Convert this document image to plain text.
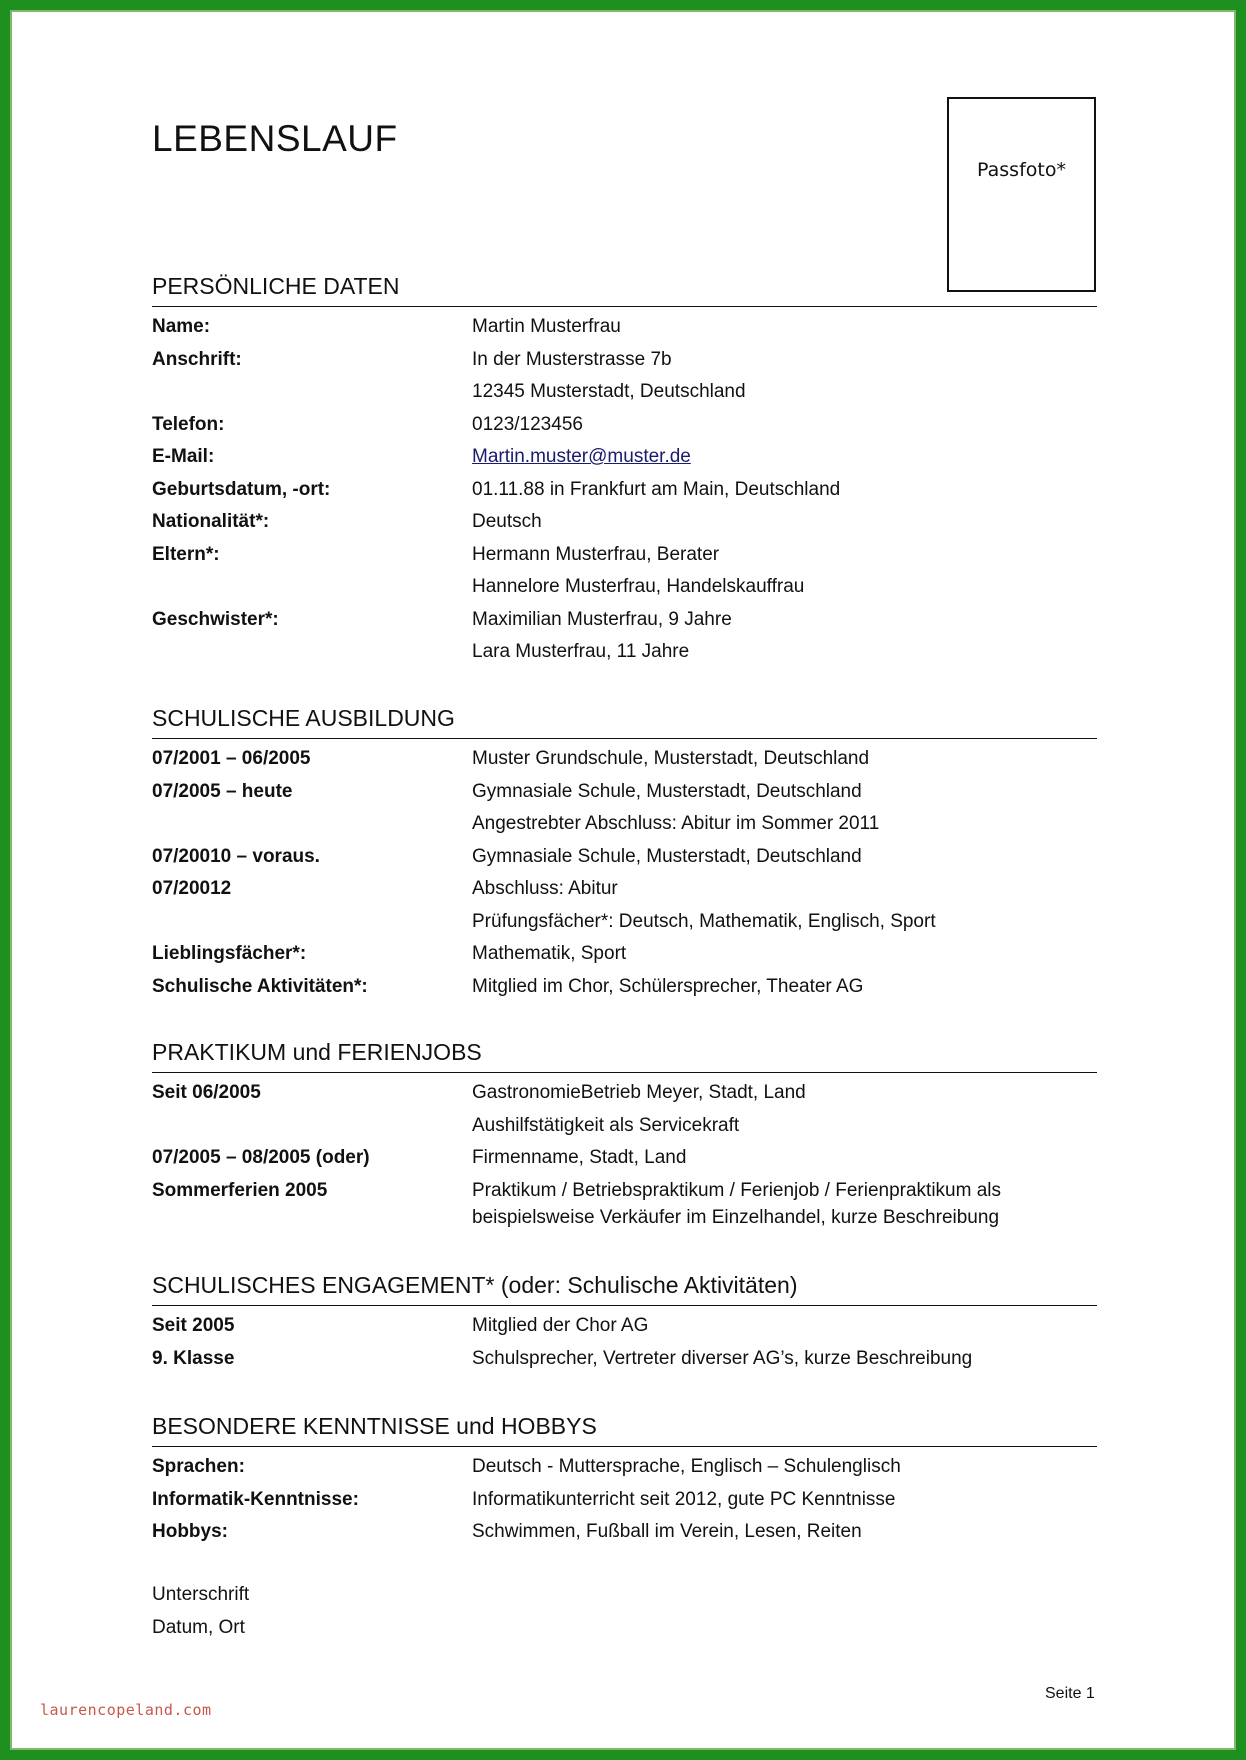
LEBENSLAUF
Passfoto*
PERSÖNLICHE DATEN
Name:	Martin Musterfrau
Anschrift:	In der Musterstrasse 7b
12345 Musterstadt, Deutschland
Telefon:	0123/123456
E-Mail:	Martin.muster@muster.de
Geburtsdatum, -ort:	01.11.88 in Frankfurt am Main, Deutschland
Nationalität*:	Deutsch
Eltern*:	Hermann Musterfrau, Berater
Hannelore Musterfrau, Handelskauffrau
Geschwister*:	Maximilian Musterfrau, 9 Jahre
Lara Musterfrau, 11 Jahre
SCHULISCHE AUSBILDUNG
07/2001 – 06/2005	Muster Grundschule, Musterstadt, Deutschland
07/2005 – heute	Gymnasiale Schule, Musterstadt, Deutschland
Angestrebter Abschluss: Abitur im Sommer 2011
07/20010 – voraus.	Gymnasiale Schule, Musterstadt, Deutschland
07/20012	Abschluss: Abitur
Prüfungsfächer*: Deutsch, Mathematik, Englisch, Sport
Lieblingsfächer*:	Mathematik, Sport
Schulische Aktivitäten*:	Mitglied im Chor, Schülersprecher, Theater AG
PRAKTIKUM und FERIENJOBS
Seit 06/2005	GastronomieBetrieb Meyer, Stadt, Land
Aushilfstätigkeit als Servicekraft
07/2005 – 08/2005 (oder)	Firmenname, Stadt, Land
Sommerferien 2005	Praktikum / Betriebspraktikum / Ferienjob / Ferienpraktikum als beispielsweise Verkäufer im Einzelhandel, kurze Beschreibung
SCHULISCHES ENGAGEMENT* (oder: Schulische Aktivitäten)
Seit 2005	Mitglied der Chor AG
9. Klasse	Schulsprecher, Vertreter diverser AG’s, kurze Beschreibung
BESONDERE KENNTNISSE und HOBBYS
Sprachen:	Deutsch - Muttersprache, Englisch – Schulenglisch
Informatik-Kenntnisse:	Informatikunterricht seit 2012, gute PC Kenntnisse
Hobbys:	Schwimmen, Fußball im Verein, Lesen, Reiten
Unterschrift
Datum, Ort
Seite 1
laurencopeland.com
